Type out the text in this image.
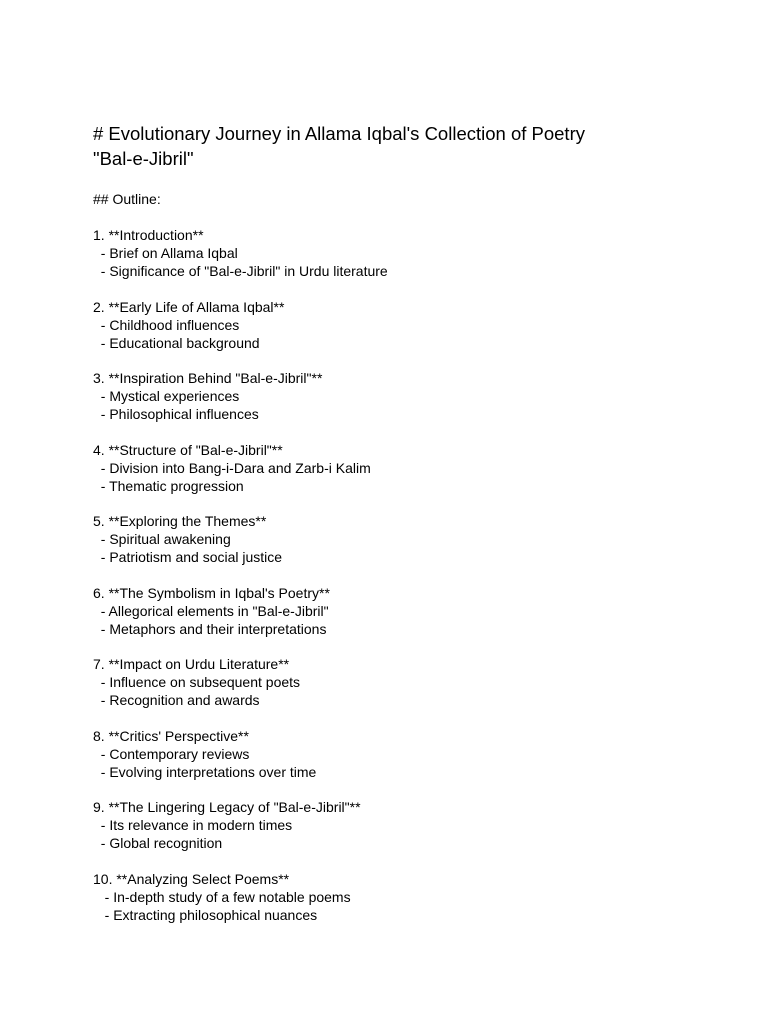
# Evolutionary Journey in Allama Iqbal's Collection of Poetry
"Bal-e-Jibril"
## Outline:
1. **Introduction**
- Brief on Allama Iqbal
- Significance of "Bal-e-Jibril" in Urdu literature
2. **Early Life of Allama Iqbal**
- Childhood influences
- Educational background
3. **Inspiration Behind "Bal-e-Jibril"**
- Mystical experiences
- Philosophical influences
4. **Structure of "Bal-e-Jibril"**
- Division into Bang-i-Dara and Zarb-i Kalim
- Thematic progression
5. **Exploring the Themes**
- Spiritual awakening
- Patriotism and social justice
6. **The Symbolism in Iqbal's Poetry**
- Allegorical elements in "Bal-e-Jibril"
- Metaphors and their interpretations
7. **Impact on Urdu Literature**
- Influence on subsequent poets
- Recognition and awards
8. **Critics' Perspective**
- Contemporary reviews
- Evolving interpretations over time
9. **The Lingering Legacy of "Bal-e-Jibril"**
- Its relevance in modern times
- Global recognition
10. **Analyzing Select Poems**
- In-depth study of a few notable poems
- Extracting philosophical nuances
